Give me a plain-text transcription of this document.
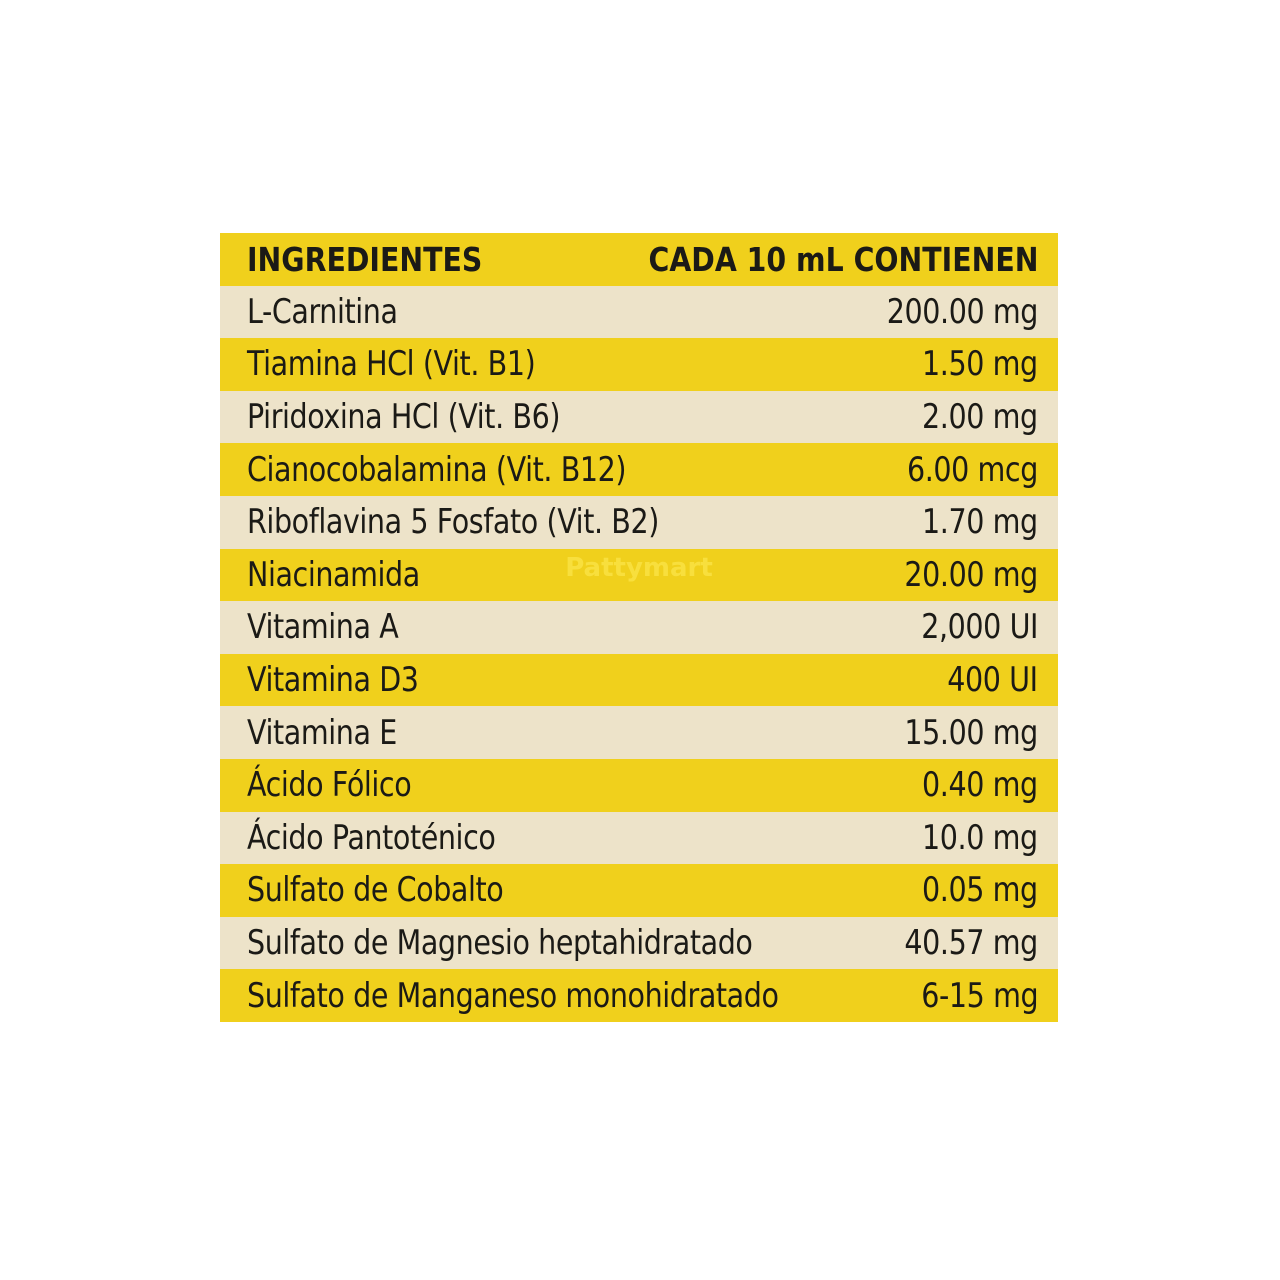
INGREDIENTES	CADA 10 mL CONTIENEN
L-Carnitina	200.00 mg
Tiamina HCl (Vit. B1)	1.50 mg
Piridoxina HCl (Vit. B6)	2.00 mg
Cianocobalamina (Vit. B12)	6.00 mcg
Riboflavina 5 Fosfato (Vit. B2)	1.70 mg
Niacinamida	20.00 mg
Vitamina A	2,000 UI
Vitamina D3	400 UI
Vitamina E	15.00 mg
Ácido Fólico	0.40 mg
Ácido Pantoténico	10.0 mg
Sulfato de Cobalto	0.05 mg
Sulfato de Magnesio heptahidratado	40.57 mg
Sulfato de Manganeso monohidratado	6-15 mg
Pattymart
